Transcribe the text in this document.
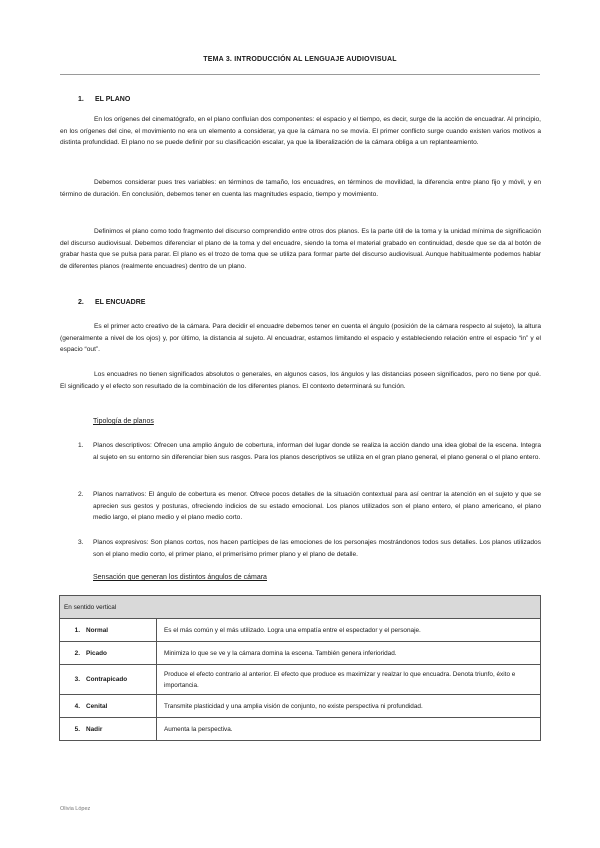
TEMA 3. INTRODUCCIÓN AL LENGUAJE AUDIOVISUAL
1. EL PLANO

En los orígenes del cinematógrafo, en el plano confluían dos componentes: el espacio y el tiempo, es decir, surge de la acción de encuadrar. Al principio, en los orígenes del cine, el movimiento no era un elemento a considerar, ya que la cámara no se movía. El primer conflicto surge cuando existen varios motivos a distinta profundidad. El plano no se puede definir por su clasificación escalar, ya que la liberalización de la cámara obliga a un replanteamiento.

Debemos considerar pues tres variables: en términos de tamaño, los encuadres, en términos de movilidad, la diferencia entre plano fijo y móvil, y en término de duración. En conclusión, debemos tener en cuenta las magnitudes espacio, tiempo y movimiento.

Definimos el plano como todo fragmento del discurso comprendido entre otros dos planos. Es la parte útil de la toma y la unidad mínima de significación del discurso audiovisual. Debemos diferenciar el plano de la toma y del encuadre, siendo la toma el material grabado en continuidad, desde que se da al botón de grabar hasta que se pulsa para parar. El plano es el trozo de toma que se utiliza para formar parte del discurso audiovisual. Aunque habitualmente podemos hablar de diferentes planos (realmente encuadres) dentro de un plano.

2. EL ENCUADRE

Es el primer acto creativo de la cámara. Para decidir el encuadre debemos tener en cuenta el ángulo (posición de la cámara respecto al sujeto), la altura (generalmente a nivel de los ojos) y, por último, la distancia al sujeto. Al encuadrar, estamos limitando el espacio y estableciendo relación entre el espacio “in” y el espacio “out”.

Los encuadres no tienen significados absolutos o generales, en algunos casos, los ángulos y las distancias poseen significados, pero no tiene por qué. El significado y el efecto son resultado de la combinación de los diferentes planos. El contexto determinará su función.

Tipología de planos
1. Planos descriptivos: Ofrecen una amplio ángulo de cobertura, informan del lugar donde se realiza la acción dando una idea global de la escena. Integra al sujeto en su entorno sin diferenciar bien sus rasgos. Para los planos descriptivos se utiliza en el gran plano general, el plano general o el plano entero.
2. Planos narrativos: El ángulo de cobertura es menor. Ofrece pocos detalles de la situación contextual para así centrar la atención en el sujeto y que se aprecien sus gestos y posturas, ofreciendo indicios de su estado emocional. Los planos utilizados son el plano entero, el plano americano, el plano medio largo, el plano medio y el plano medio corto.
3. Planos expresivos: Son planos cortos, nos hacen partícipes de las emociones de los personajes mostrándonos todos sus detalles. Los planos utilizados son el plano medio corto, el primer plano, el primerísimo primer plano y el plano de detalle.
Sensación que generan los distintos ángulos de cámara
En sentido vertical	
1. Normal	Es el más común y el más utilizado. Logra una empatía entre el espectador y el personaje.
2. Picado	Minimiza lo que se ve y la cámara domina la escena. También genera inferioridad.
3. Contrapicado	Produce el efecto contrario al anterior. El efecto que produce es maximizar y realzar lo que encuadra. Denota triunfo, éxito e importancia.
4. Cenital	Transmite plasticidad y una amplia visión de conjunto, no existe perspectiva ni profundidad.
5. Nadir	Aumenta la perspectiva.
Olivia López
